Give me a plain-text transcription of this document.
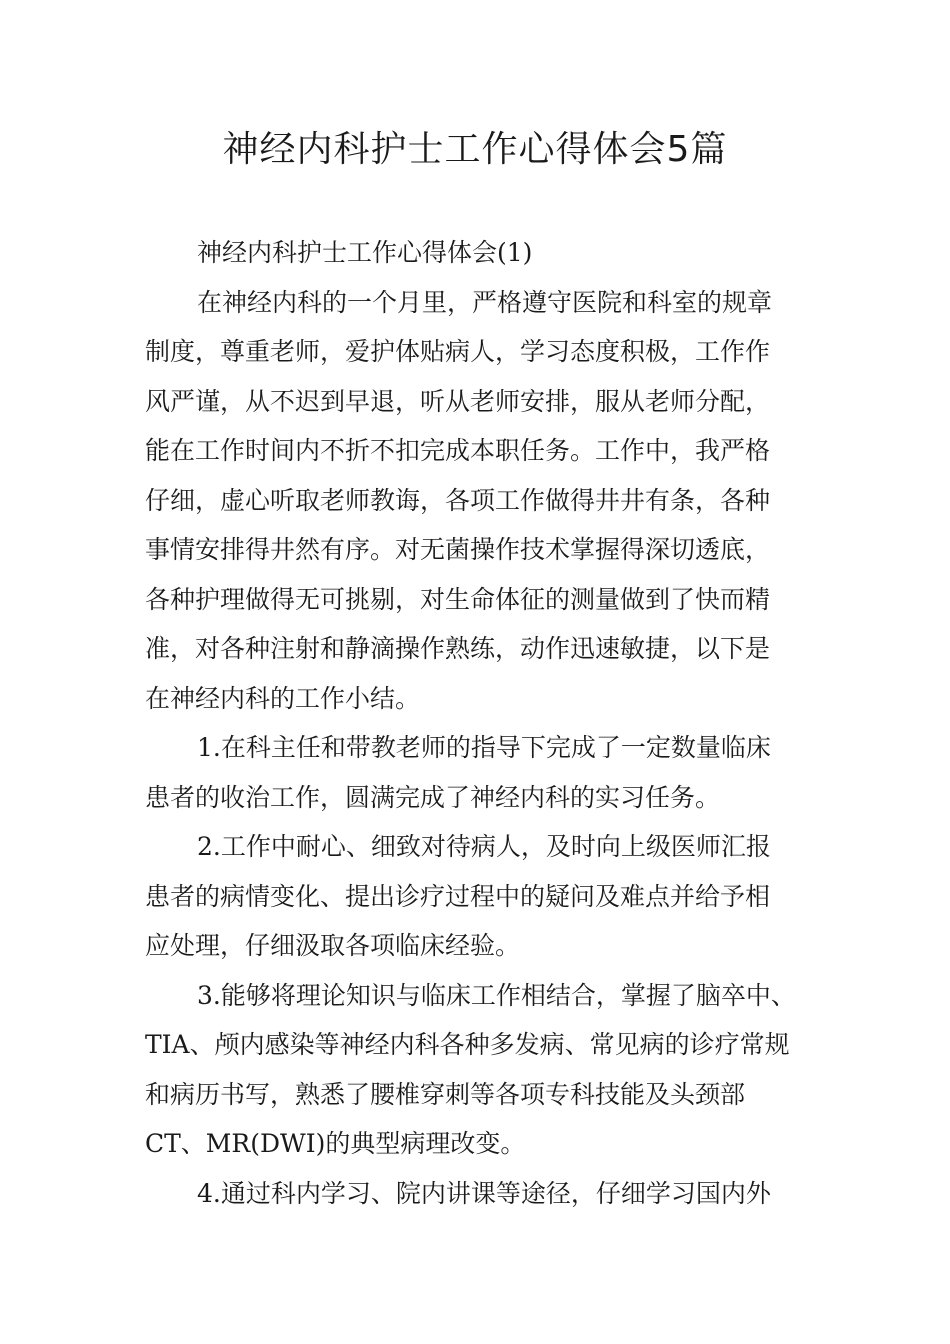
神经内科护士工作心得体会5篇
神经内科护士工作心得体会(1)
在神经内科的一个月里，严格遵守医院和科室的规章
制度，尊重老师，爱护体贴病人，学习态度积极，工作作
风严谨，从不迟到早退，听从老师安排，服从老师分配，
能在工作时间内不折不扣完成本职任务。工作中，我严格
仔细，虚心听取老师教诲，各项工作做得井井有条，各种
事情安排得井然有序。对无菌操作技术掌握得深切透底，
各种护理做得无可挑剔，对生命体征的测量做到了快而精
准，对各种注射和静滴操作熟练，动作迅速敏捷，以下是
在神经内科的工作小结。
1.在科主任和带教老师的指导下完成了一定数量临床
患者的收治工作，圆满完成了神经内科的实习任务。
2.工作中耐心、细致对待病人，及时向上级医师汇报
患者的病情变化、提出诊疗过程中的疑问及难点并给予相
应处理，仔细汲取各项临床经验。
3.能够将理论知识与临床工作相结合，掌握了脑卒中、
TIA、颅内感染等神经内科各种多发病、常见病的诊疗常规
和病历书写，熟悉了腰椎穿刺等各项专科技能及头颈部
CT、MR(DWI)的典型病理改变。
4.通过科内学习、院内讲课等途径，仔细学习国内外
